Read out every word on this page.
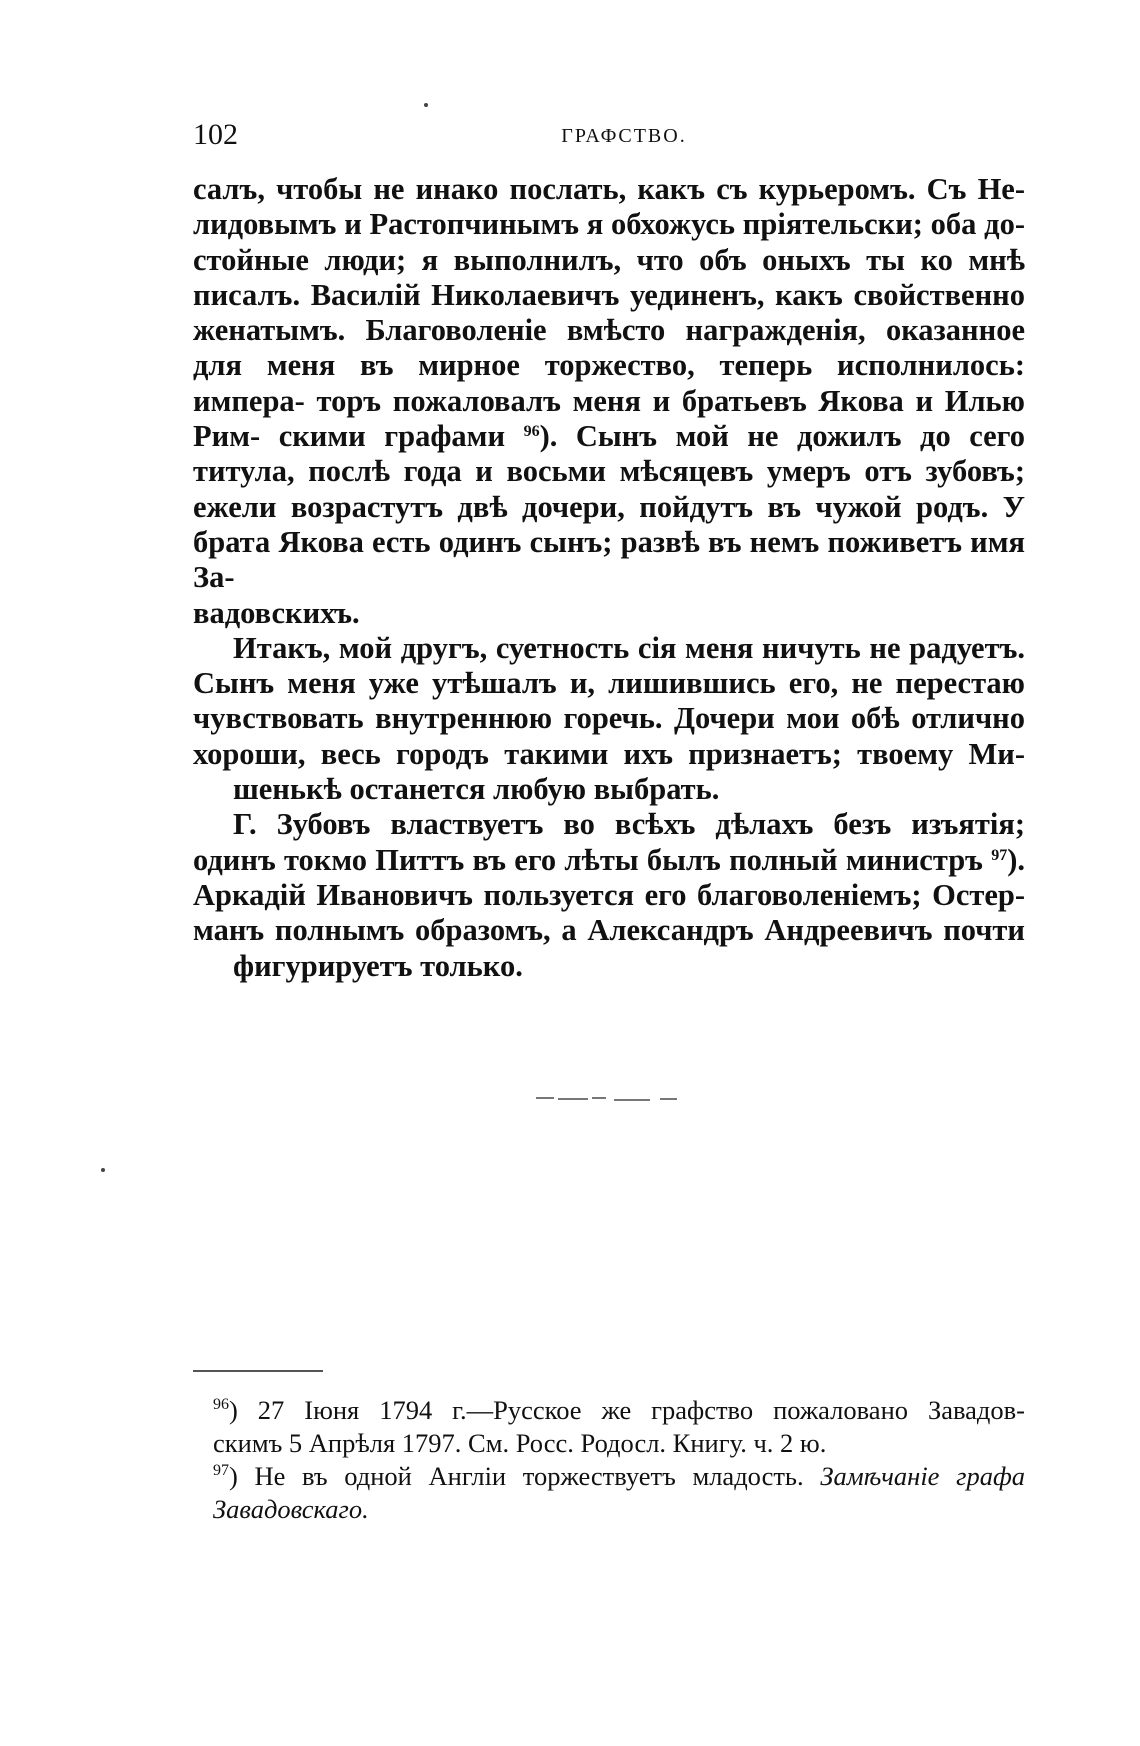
102	ГРАФСТВО.

салъ, чтобы не инако послать, какъ съ курьеромъ. Съ Не- лидовымъ и Растопчинымъ я обхожусь пріятельски; оба до- стойные люди; я выполнилъ, что объ оныхъ ты ко мнѣ писалъ. Василій Николаевичъ уединенъ, какъ свойственно женатымъ. Благоволеніе вмѣсто награжденія, оказанное для меня въ мирное торжество, теперь исполнилось: импера- торъ пожаловалъ меня и братьевъ Якова и Илью Рим- скими графами $^{96}$). Сынъ мой не дожилъ до сего титула, послѣ года и восьми мѣсяцевъ умеръ отъ зубовъ; ежели возрастутъ двѣ дочери, пойдутъ въ чужой родъ. У брата Якова есть одинъ сынъ; развѣ въ немъ поживетъ имя За-
вадовскихъ.

Итакъ, мой другъ, суетность сія меня ничуть не радуетъ. Сынъ меня уже утѣшалъ и, лишившись его, не перестаю чувствовать внутреннюю горечь. Дочери мои обѣ отлично хороши, весь городъ такими ихъ признаетъ; твоему Ми-
шенькѣ останется любую выбрать.

Г. Зубовъ властвуетъ во всѣхъ дѣлахъ безъ изъятія; одинъ токмо Питтъ въ его лѣты былъ полный министръ $^{97}$). Аркадій Ивановичъ пользуется его благоволеніемъ; Остер- манъ полнымъ образомъ, а Александръ Андреевичъ почти
фигурируетъ только.

$^{96}$) 27 Іюня 1794 г.—Русское же графство пожаловано Завадов-
скимъ 5 Апрѣля 1797. См. Росс. Родосл. Книгу. ч. 2 ю.

$^{97}$) Не въ одной Англіи торжествуетъ младость. Замѣчаніе графа
Завадовскаго.
